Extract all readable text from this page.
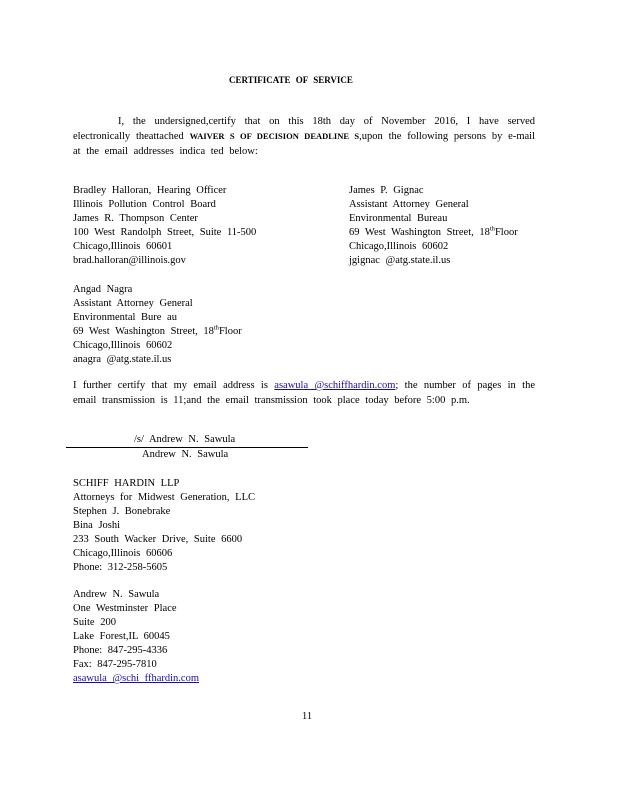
CERTIFICATE OF SERVICE
I, the undersigned,certify that on this 18th day of November 2016, I have served electronically theattached WAIVER S OF DECISION DEADLINE S,upon the following persons by e-mail at the email addresses indica ted below:
Bradley Halloran, Hearing Officer
Illinois Pollution Control Board
James R. Thompson Center
100 West Randolph Street, Suite 11-500
Chicago,Illinois 60601
brad.halloran@illinois.gov
James P. Gignac
Assistant Attorney General
Environmental Bureau
69 West Washington Street, 18thFloor
Chicago,Illinois 60602
jgignac @atg.state.il.us
Angad Nagra
Assistant Attorney General
Environmental Bure au
69 West Washington Street, 18thFloor
Chicago,Illinois 60602
anagra @atg.state.il.us
I further certify that my email address is asawula @schiffhardin.com; the number of pages in the email transmission is 11;and the email transmission took place today before 5:00 p.m.
/s/ Andrew N. Sawula
Andrew N. Sawula
SCHIFF HARDIN LLP
Attorneys for Midwest Generation, LLC
Stephen J. Bonebrake
Bina Joshi
233 South Wacker Drive, Suite 6600
Chicago,Illinois 60606
Phone: 312-258-5605
Andrew N. Sawula
One Westminster Place
Suite 200
Lake Forest,IL 60045
Phone: 847-295-4336
Fax: 847-295-7810
asawula @schi ffhardin.com
11
